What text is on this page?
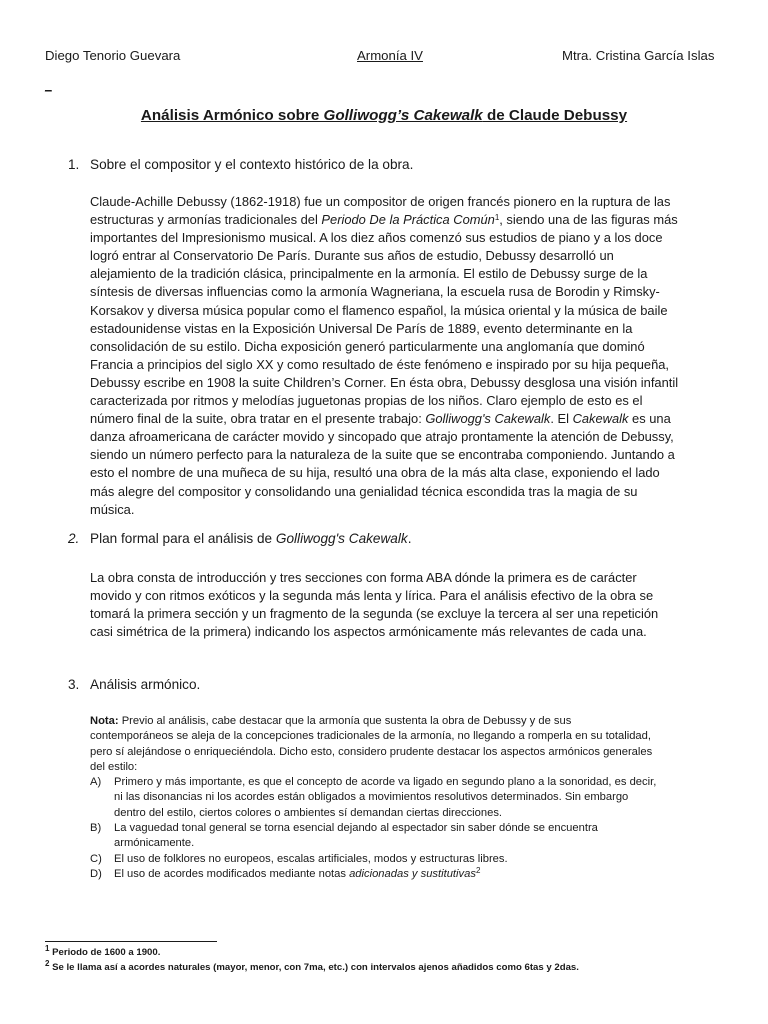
Diego Tenorio Guevara	Armonía IV	Mtra. Cristina García Islas
_
Análisis Armónico sobre Golliwogg’s Cakewalk de Claude Debussy
1. Sobre el compositor y el contexto histórico de la obra.
Claude-Achille Debussy (1862-1918) fue un compositor de origen francés pionero en la ruptura de las
estructuras y armonías tradicionales del Periodo De la Práctica Común$^1$, siendo una de las figuras más
importantes del Impresionismo musical. A los diez años comenzó sus estudios de piano y a los doce
logró entrar al Conservatorio De París. Durante sus años de estudio, Debussy desarrolló un
alejamiento de la tradición clásica, principalmente en la armonía. El estilo de Debussy surge de la
síntesis de diversas influencias como la armonía Wagneriana, la escuela rusa de Borodin y Rimsky-
Korsakov y diversa música popular como el flamenco español, la música oriental y la música de baile
estadounidense vistas en la Exposición Universal De París de 1889, evento determinante en la
consolidación de su estilo. Dicha exposición generó particularmente una anglomanía que dominó
Francia a principios del siglo XX y como resultado de éste fenómeno e inspirado por su hija pequeña,
Debussy escribe en 1908 la suite Children’s Corner. En ésta obra, Debussy desglosa una visión infantil
caracterizada por ritmos y melodías juguetonas propias de los niños. Claro ejemplo de esto es el
número final de la suite, obra tratar en el presente trabajo: Golliwogg's Cakewalk. El Cakewalk es una
danza afroamericana de carácter movido y sincopado que atrajo prontamente la atención de Debussy,
siendo un número perfecto para la naturaleza de la suite que se encontraba componiendo. Juntando a
esto el nombre de una muñeca de su hija, resultó una obra de la más alta clase, exponiendo el lado
más alegre del compositor y consolidando una genialidad técnica escondida tras la magia de su
música.
2. Plan formal para el análisis de Golliwogg's Cakewalk.
La obra consta de introducción y tres secciones con forma ABA dónde la primera es de carácter
movido y con ritmos exóticos y la segunda más lenta y lírica. Para el análisis efectivo de la obra se
tomará la primera sección y un fragmento de la segunda (se excluye la tercera al ser una repetición
casi simétrica de la primera) indicando los aspectos armónicamente más relevantes de cada una.
3. Análisis armónico.
Nota: Previo al análisis, cabe destacar que la armonía que sustenta la obra de Debussy y de sus
contemporáneos se aleja de la concepciones tradicionales de la armonía, no llegando a romperla en su totalidad,
pero sí alejándose o enriqueciéndola. Dicho esto, considero prudente destacar los aspectos armónicos generales
del estilo:
A) Primero y más importante, es que el concepto de acorde va ligado en segundo plano a la sonoridad, es decir,
ni las disonancias ni los acordes están obligados a movimientos resolutivos determinados. Sin embargo
dentro del estilo, ciertos colores o ambientes sí demandan ciertas direcciones.
B) La vaguedad tonal general se torna esencial dejando al espectador sin saber dónde se encuentra
armónicamente.
C) El uso de folklores no europeos, escalas artificiales, modos y estructuras libres.
D) El uso de acordes modificados mediante notas adicionadas y sustitutivas$^2$
$^1$ Periodo de 1600 a 1900.
$^2$ Se le llama así a acordes naturales (mayor, menor, con 7ma, etc.) con intervalos ajenos añadidos como 6tas y 2das.
